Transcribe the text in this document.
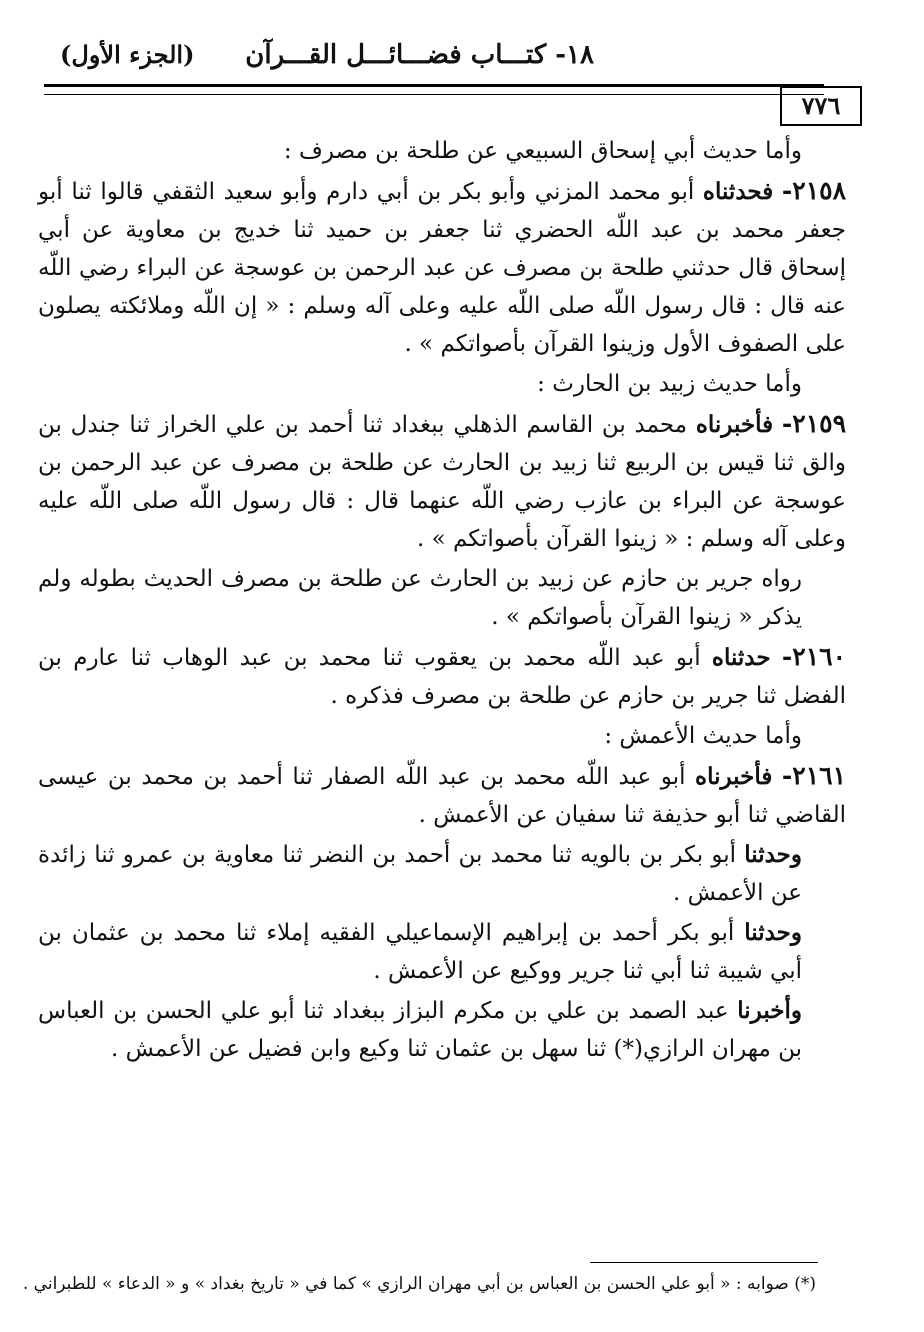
١٨- كتـــاب فضـــائـــل القـــرآن
(الجزء الأول)
٧٧٦

وأما حديث أبي إسحاق السبيعي عن طلحة بن مصرف :

٢١٥٨- فحدثناه أبو محمد المزني وأبو بكر بن أبي دارم وأبو سعيد الثقفي قالوا ثنا أبو جعفر محمد بن عبد اللّه الحضري ثنا جعفر بن حميد ثنا خديج بن معاوية عن أبي إسحاق قال حدثني طلحة بن مصرف عن عبد الرحمن بن عوسجة عن البراء رضي اللّه عنه قال : قال رسول اللّه صلى اللّه عليه وعلى آله وسلم : « إن اللّه وملائكته يصلون على الصفوف الأول وزينوا القرآن بأصواتكم » .

وأما حديث زبيد بن الحارث :

٢١٥٩- فأخبرناه محمد بن القاسم الذهلي ببغداد ثنا أحمد بن علي الخراز ثنا جندل بن والق ثنا قيس بن الربيع ثنا زبيد بن الحارث عن طلحة بن مصرف عن عبد الرحمن بن عوسجة عن البراء بن عازب رضي اللّه عنهما قال : قال رسول اللّه صلى اللّه عليه وعلى آله وسلم : « زينوا القرآن بأصواتكم » .

رواه جرير بن حازم عن زبيد بن الحارث عن طلحة بن مصرف الحديث بطوله ولم يذكر « زينوا القرآن بأصواتكم » .

٢١٦٠- حدثناه أبو عبد اللّه محمد بن يعقوب ثنا محمد بن عبد الوهاب ثنا عارم بن الفضل ثنا جرير بن حازم عن طلحة بن مصرف فذكره .

وأما حديث الأعمش :

٢١٦١- فأخبرناه أبو عبد اللّه محمد بن عبد اللّه الصفار ثنا أحمد بن محمد بن عيسى القاضي ثنا أبو حذيفة ثنا سفيان عن الأعمش .

وحدثنا أبو بكر بن بالويه ثنا محمد بن أحمد بن النضر ثنا معاوية بن عمرو ثنا زائدة عن الأعمش .

وحدثنا أبو بكر أحمد بن إبراهيم الإسماعيلي الفقيه إملاء ثنا محمد بن عثمان بن أبي شيبة ثنا أبي ثنا جرير ووكيع عن الأعمش .

وأخبرنا عبد الصمد بن علي بن مكرم البزاز ببغداد ثنا أبو علي الحسن بن العباس بن مهران الرازي(*) ثنا سهل بن عثمان ثنا وكيع وابن فضيل عن الأعمش .

(*) صوابه : « أبو علي الحسن بن العباس بن أبي مهران الرازي » كما في « تاريخ بغداد » و « الدعاء » للطبراني .
